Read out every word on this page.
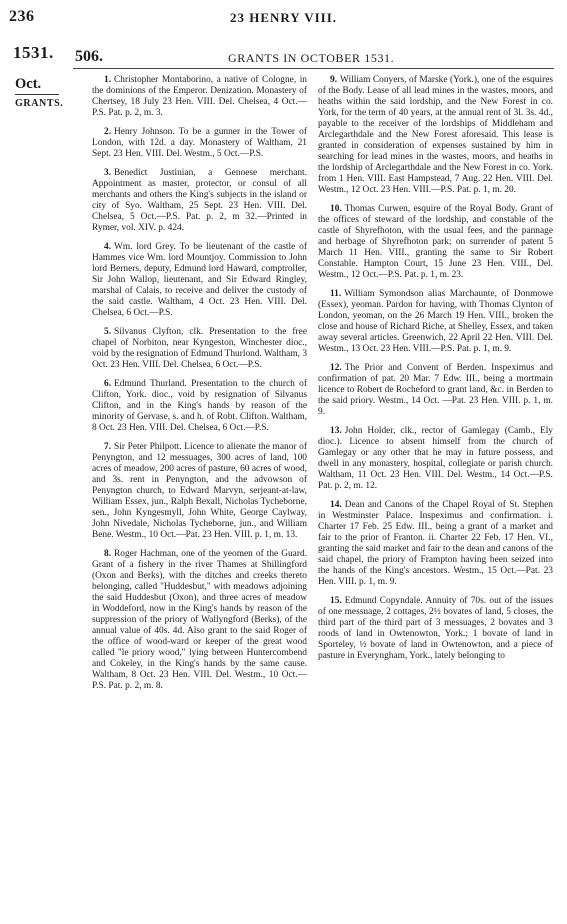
236	23 HENRY VIII.
1531.
Oct.
GRANTS.
506.	GRANTS IN OCTOBER 1531.

1. Christopher Montaborino, a native of Cologne, in the dominions of the Emperor. Denization. Monastery of Chertsey, 18 July 23 Hen. VIII. Del. Chelsea, 4 Oct.—P.S. Pat. p. 2, m. 3.

2. Henry Johnson. To be a gunner in the Tower of London, with 12d. a day. Monastery of Waltham, 21 Sept. 23 Hen. VIII. Del. Westm., 5 Oct.—P.S.

3. Benedict Justinian, a Genoese merchant. Appointment as master, protector, or consul of all merchants and others the King's subjects in the island or city of Syo. Waltham, 25 Sept. 23 Hen. VIII. Del. Chelsea, 5 Oct.—P.S. Pat. p. 2, m 32.—Printed in Rymer, vol. XIV. p. 424.

4. Wm. lord Grey. To be lieutenant of the castle of Hammes vice Wm. lord Mountjoy. Commission to John lord Berners, deputy, Edmund lord Haward, comptroller, Sir John Wallop, lieutenant, and Sir Edward Ringley, marshal of Calais, to receive and deliver the custody of the said castle. Waltham, 4 Oct. 23 Hen. VIII. Del. Chelsea, 6 Oct.—P.S.

5. Silvanus Clyfton, clk. Presentation to the free chapel of Norbiton, near Kyngeston, Winchester dioc., void by the resignation of Edmund Thurlond. Waltham, 3 Oct. 23 Hen. VIII. Del. Chelsea, 6 Oct.—P.S.

6. Edmund Thurland. Presentation to the church of Clifton, York. dioc., void by resignation of Silvanus Clifton, and in the King's hands by reason of the minority of Gervase, s. and h. of Robt. Clifton. Waltham, 8 Oct. 23 Hen. VIII. Del. Chelsea, 6 Oct.—P.S.

7. Sir Peter Philpott. Licence to alienate the manor of Penyngton, and 12 messuages, 300 acres of land, 100 acres of meadow, 200 acres of pasture, 60 acres of wood, and 3s. rent in Penyngton, and the advowson of Penyngton church, to Edward Marvyn, serjeant-at-law, William Essex, jun., Ralph Bexall, Nicholas Tycheborne, sen., John Kyngesmyll, John White, George Caylway, John Nivedale, Nicholas Tycheborne, jun., and William Bene. Westm., 10 Oct.—Pat. 23 Hen. VIII. p. 1, m. 13.

8. Roger Hachman, one of the yeomen of the Guard. Grant of a fishery in the river Thames at Shillingford (Oxon and Berks), with the ditches and creeks thereto belonging, called "Huddesbut," with meadows adjoining the said Huddesbut (Oxon), and three acres of meadow in Woddeford, now in the King's hands by reason of the suppression of the priory of Wallyngford (Berks), of the annual value of 40s. 4d. Also grant to the said Roger of the office of wood-ward or keeper of the great wood called "le priory wood," lying between Huntercombend and Cokeley, in the King's hands by the same cause. Waltham, 8 Oct. 23 Hen. VIII. Del. Westm., 10 Oct.—P.S. Pat. p. 2, m. 8.

9. William Conyers, of Marske (York.), one of the esquires of the Body. Lease of all lead mines in the wastes, moors, and heaths within the said lordship, and the New Forest in co. York, for the term of 40 years, at the annual rent of 3l. 3s. 4d., payable to the receiver of the lordships of Middleham and Arclegarthdale and the New Forest aforesaid. This lease is granted in consideration of expenses sustained by him in searching for lead mines in the wastes, moors, and heaths in the lordship of Arclegarthdale and the New Forest in co. York. from 1 Hen. VIII. East Hampstead, 7 Aug. 22 Hen. VIII. Del. Westm., 12 Oct. 23 Hen. VIII.—P.S. Pat. p. 1, m. 20.

10. Thomas Curwen, esquire of the Royal Body. Grant of the offices of steward of the lordship, and constable of the castle of Shyrefhoton, with the usual fees, and the pannage and herbage of Shyrefhoton park; on surrender of patent 5 March 11 Hen. VIII., granting the same to Sir Robert Constable. Hampton Court, 15 June 23 Hen. VIII., Del. Westm., 12 Oct.—P.S. Pat. p. 1, m. 23.

11. William Symondson alias Marchaunte, of Donmowe (Essex), yeoman. Pardon for having, with Thomas Clynton of London, yeoman, on the 26 March 19 Hen. VIII., broken the close and house of Richard Riche, at Shelley, Essex, and taken away several articles. Greenwich, 22 April 22 Hen. VIII. Del. Westm., 13 Oct. 23 Hen. VIII.—P.S. Pat. p. 1, m. 9.

12. The Prior and Convent of Berden. Inspeximus and confirmation of pat. 20 Mar. 7 Edw. III., being a mortmain licence to Robert de Rocheford to grant land, &c. in Berden to the said priory. Westm., 14 Oct. —Pat. 23 Hen. VIII. p. 1, m. 9.

13. John Holder, clk., rector of Gamlegay (Camb., Ely dioc.). Licence to absent himself from the church of Gamlegay or any other that he may in future possess, and dwell in any monastery, hospital, collegiate or parish church. Waltham, 11 Oct. 23 Hen. VIII. Del. Westm., 14 Oct.—P.S. Pat. p. 2, m. 12.

14. Dean and Canons of the Chapel Royal of St. Stephen in Westminster Palace. Inspeximus and confirmation. i. Charter 17 Feb. 25 Edw. III., being a grant of a market and fair to the prior of Franton. ii. Charter 22 Feb. 17 Hen. VI., granting the said market and fair to the dean and canons of the said chapel, the priory of Frampton having been seized into the hands of the King's ancestors. Westm., 15 Oct.—Pat. 23 Hen. VIII. p. 1, m. 9.

15. Edmund Copyndale. Annuity of 70s. out of the issues of one messuage, 2 cottages, 2½ bovates of land, 5 closes, the third part of the third part of 3 messuages, 2 bovates and 3 roods of land in Owtenowton, York.; 1 bovate of land in Sporteley, ½ bovate of land in Owtenowton, and a piece of pasture in Everyngham, York., lately belonging to
